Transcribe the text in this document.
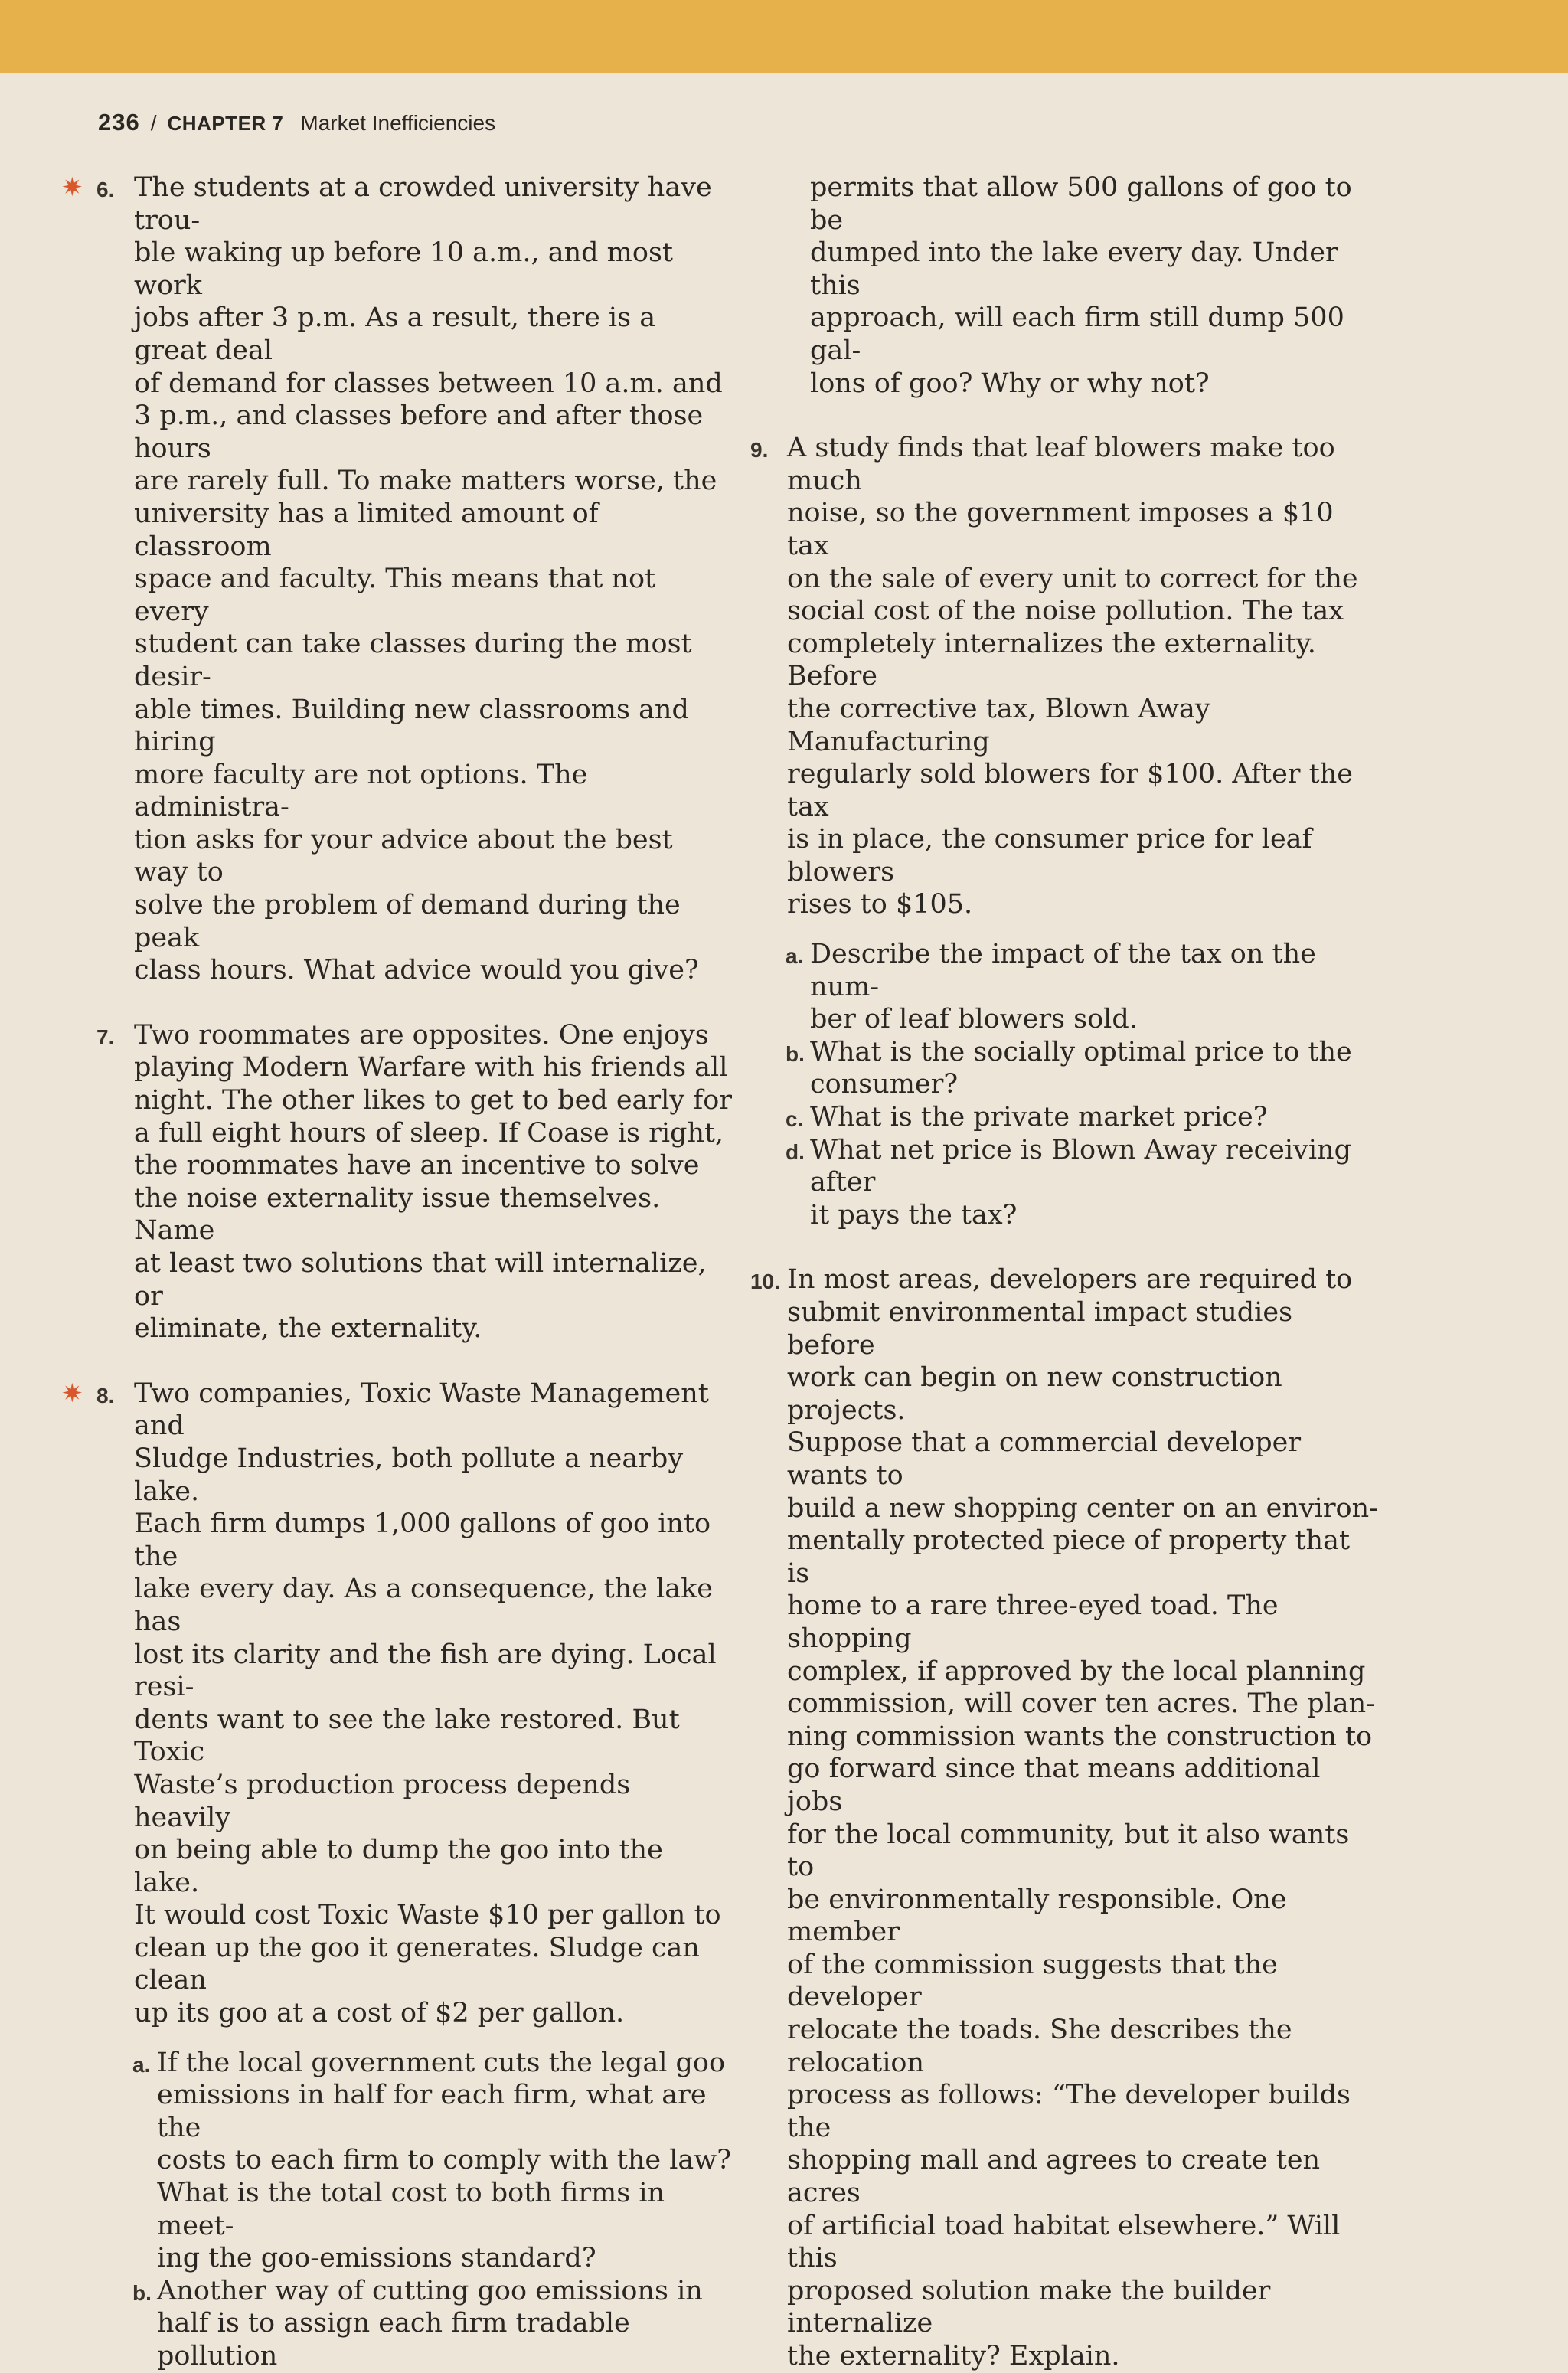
236 / CHAPTER 7 Market Inefficiencies
✷ 6. The students at a crowded university have trou-
ble waking up before 10 a.m., and most work
jobs after 3 p.m. As a result, there is a great deal
of demand for classes between 10 a.m. and
3 p.m., and classes before and after those hours
are rarely full. To make matters worse, the
university has a limited amount of classroom
space and faculty. This means that not every
student can take classes during the most desir-
able times. Building new classrooms and hiring
more faculty are not options. The administra-
tion asks for your advice about the best way to
solve the problem of demand during the peak
class hours. What advice would you give?
7. Two roommates are opposites. One enjoys
playing Modern Warfare with his friends all
night. The other likes to get to bed early for
a full eight hours of sleep. If Coase is right,
the roommates have an incentive to solve
the noise externality issue themselves. Name
at least two solutions that will internalize, or
eliminate, the externality.
✷ 8. Two companies, Toxic Waste Management and
Sludge Industries, both pollute a nearby lake.
Each firm dumps 1,000 gallons of goo into the
lake every day. As a consequence, the lake has
lost its clarity and the fish are dying. Local resi-
dents want to see the lake restored. But Toxic
Waste’s production process depends heavily
on being able to dump the goo into the lake.
It would cost Toxic Waste $10 per gallon to
clean up the goo it generates. Sludge can clean
up its goo at a cost of $2 per gallon.
a. If the local government cuts the legal goo
emissions in half for each firm, what are the
costs to each firm to comply with the law?
What is the total cost to both firms in meet-
ing the goo-emissions standard?
b. Another way of cutting goo emissions in
half is to assign each firm tradable pollution
permits that allow 500 gallons of goo to be
dumped into the lake every day. Under this
approach, will each firm still dump 500 gal-
lons of goo? Why or why not?
9. A study finds that leaf blowers make too much
noise, so the government imposes a $10 tax
on the sale of every unit to correct for the
social cost of the noise pollution. The tax
completely internalizes the externality. Before
the corrective tax, Blown Away Manufacturing
regularly sold blowers for $100. After the tax
is in place, the consumer price for leaf blowers
rises to $105.
a. Describe the impact of the tax on the num-
ber of leaf blowers sold.
b. What is the socially optimal price to the
consumer?
c. What is the private market price?
d. What net price is Blown Away receiving after
it pays the tax?
10. In most areas, developers are required to
submit environmental impact studies before
work can begin on new construction projects.
Suppose that a commercial developer wants to
build a new shopping center on an environ-
mentally protected piece of property that is
home to a rare three-eyed toad. The shopping
complex, if approved by the local planning
commission, will cover ten acres. The plan-
ning commission wants the construction to
go forward since that means additional jobs
for the local community, but it also wants to
be environmentally responsible. One member
of the commission suggests that the developer
relocate the toads. She describes the relocation
process as follows: “The developer builds the
shopping mall and agrees to create ten acres
of artificial toad habitat elsewhere.” Will this
proposed solution make the builder internalize
the externality? Explain.
